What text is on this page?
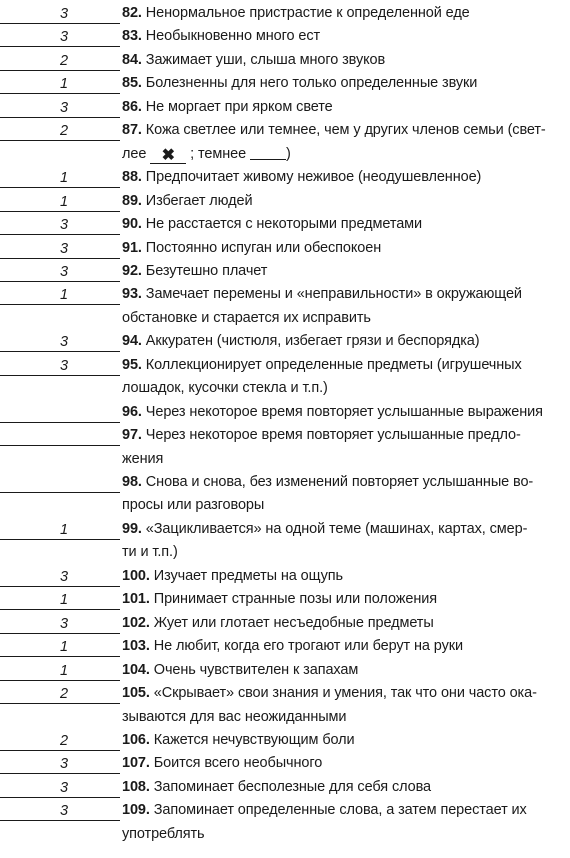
3	82. Ненормальное пристрастие к определенной еде
3	83. Необыкновенно много ест
2	84. Зажимает уши, слыша много звуков
1	85. Болезненны для него только определенные звуки
3	86. Не моргает при ярком свете
2	87. Кожа светлее или темнее, чем у других членов семьи (свет-
лее ✖ ; темнее	)
1	88. Предпочитает живому неживое (неодушевленное)
1	89. Избегает людей
3	90. Не расстается с некоторыми предметами
3	91. Постоянно испуган или обеспокоен
3	92. Безутешно плачет
1	93. Замечает перемены и «неправильности» в окружающей
обстановке и старается их исправить
3	94. Аккуратен (чистюля, избегает грязи и беспорядка)
3	95. Коллекционирует определенные предметы (игрушечных
лошадок, кусочки стекла и т.п.)
96. Через некоторое время повторяет услышанные выражения
97. Через некоторое время повторяет услышанные предло-
жения
98. Снова и снова, без изменений повторяет услышанные во-
просы или разговоры
1	99. «Зацикливается» на одной теме (машинах, картах, смер-
ти и т.п.)
3	100. Изучает предметы на ощупь
1	101. Принимает странные позы или положения
3	102. Жует или глотает несъедобные предметы
1	103. Не любит, когда его трогают или берут на руки
1	104. Очень чувствителен к запахам
2	105. «Скрывает» свои знания и умения, так что они часто ока-
зываются для вас неожиданными
2	106. Кажется нечувствующим боли
3	107. Боится всего необычного
3	108. Запоминает бесполезные для себя слова
3	109. Запоминает определенные слова, а затем перестает их
употреблять
